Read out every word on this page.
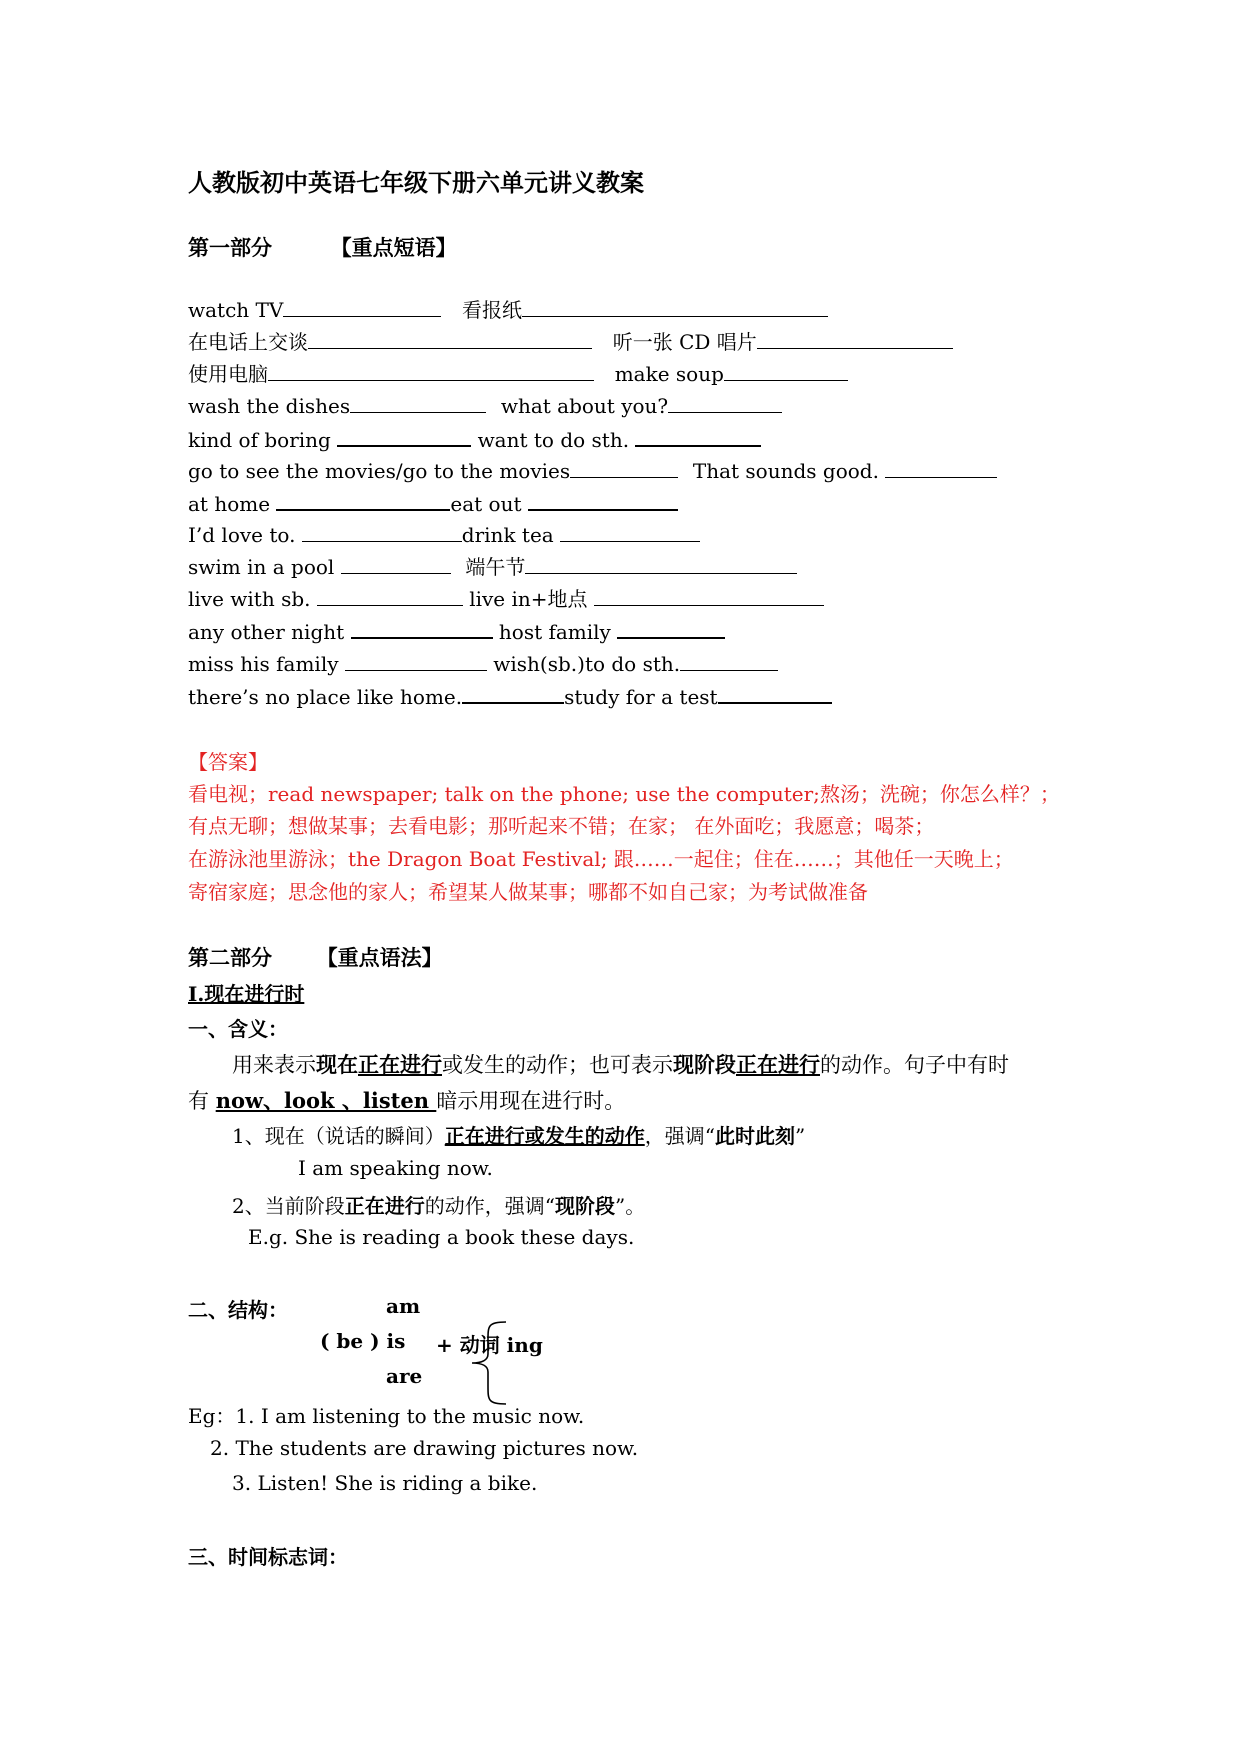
人教版初中英语七年级下册六单元讲义教案
第一部分	【重点短语】
watch TV	看报纸
在电话上交谈	听一张 CD 唱片
使用电脑	make soup
wash the dishes	what about you?
kind of boring	want to do sth.
go to see the movies/go to the movies	That sounds good.
at home	eat out
I’d love to.	drink tea
swim in a pool	端午节
live with sb.	live in+地点
any other night	host family
miss his family	wish(sb.)to do sth.
there’s no place like home.	study for a test
【答案】
看电视；read newspaper; talk on the phone; use the computer;熬汤；洗碗；你怎么样？；
有点无聊；想做某事；去看电影；那听起来不错；在家； 在外面吃；我愿意；喝茶；
在游泳池里游泳；the Dragon Boat Festival; 跟……一起住；住在……；其他任一天晚上；
寄宿家庭；思念他的家人；希望某人做某事；哪都不如自己家；为考试做准备
第二部分 【重点语法】
I.现在进行时
一、含义：
用来表示现在正在进行或发生的动作；也可表示现阶段正在进行的动作。句子中有时
有 now、look 、listen 暗示用现在进行时。
1、现在（说话的瞬间）正在进行或发生的动作，强调“此时此刻”
I am speaking now.
2、当前阶段正在进行的动作，强调“现阶段”。
E.g. She is reading a book these days.
二、结构：	am
( be ) is
are
+ 动词 ing
Eg：1. I am listening to the music now.
2. The students are drawing pictures now.
3. Listen! She is riding a bike.
三、时间标志词：
